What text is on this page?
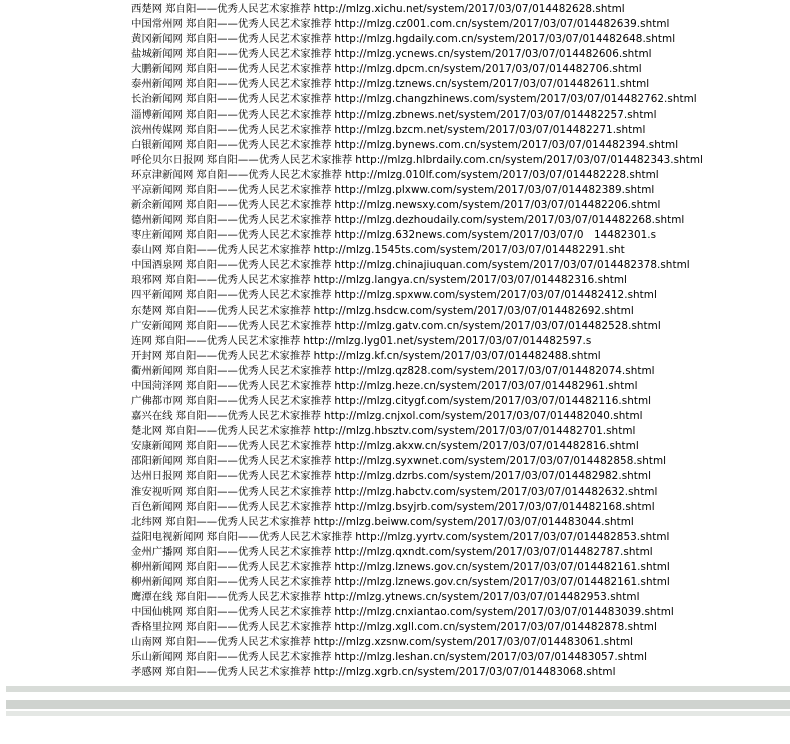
西楚网 郑自阳——优秀人民艺术家推荐 http://mlzg.xichu.net/system/2017/03/07/014482628.shtml
中国常州网 郑自阳——优秀人民艺术家推荐 http://mlzg.cz001.com.cn/system/2017/03/07/014482639.shtml
黄冈新闻网 郑自阳——优秀人民艺术家推荐 http://mlzg.hgdaily.com.cn/system/2017/03/07/014482648.shtml
盐城新闻网 郑自阳——优秀人民艺术家推荐 http://mlzg.ycnews.cn/system/2017/03/07/014482606.shtml
大鹏新闻网 郑自阳——优秀人民艺术家推荐 http://mlzg.dpcm.cn/system/2017/03/07/014482706.shtml
泰州新闻网 郑自阳——优秀人民艺术家推荐 http://mlzg.tznews.cn/system/2017/03/07/014482611.shtml
长治新闻网 郑自阳——优秀人民艺术家推荐 http://mlzg.changzhinews.com/system/2017/03/07/014482762.shtml
淄博新闻网 郑自阳——优秀人民艺术家推荐 http://mlzg.zbnews.net/system/2017/03/07/014482257.shtml
滨州传媒网 郑自阳——优秀人民艺术家推荐 http://mlzg.bzcm.net/system/2017/03/07/014482271.shtml
白银新闻网 郑自阳——优秀人民艺术家推荐 http://mlzg.bynews.com.cn/system/2017/03/07/014482394.shtml
呼伦贝尔日报网 郑自阳——优秀人民艺术家推荐 http://mlzg.hlbrdaily.com.cn/system/2017/03/07/014482343.shtml
环京津新闻网 郑自阳——优秀人民艺术家推荐 http://mlzg.010lf.com/system/2017/03/07/014482228.shtml
平凉新闻网 郑自阳——优秀人民艺术家推荐 http://mlzg.plxww.com/system/2017/03/07/014482389.shtml
新余新闻网 郑自阳——优秀人民艺术家推荐 http://mlzg.newsxy.com/system/2017/03/07/014482206.shtml
德州新闻网 郑自阳——优秀人民艺术家推荐 http://mlzg.dezhoudaily.com/system/2017/03/07/014482268.shtml
枣庄新闻网 郑自阳——优秀人民艺术家推荐 http://mlzg.632news.com/system/2017/03/07/0　14482301.s
泰山网 郑自阳——优秀人民艺术家推荐 http://mlzg.1545ts.com/system/2017/03/07/014482291.sht
中国酒泉网 郑自阳——优秀人民艺术家推荐 http://mlzg.chinajiuquan.com/system/2017/03/07/014482378.shtml
琅邪网 郑自阳——优秀人民艺术家推荐 http://mlzg.langya.cn/system/2017/03/07/014482316.shtml
四平新闻网 郑自阳——优秀人民艺术家推荐 http://mlzg.spxww.com/system/2017/03/07/014482412.shtml
东楚网 郑自阳——优秀人民艺术家推荐 http://mlzg.hsdcw.com/system/2017/03/07/014482692.shtml
广安新闻网 郑自阳——优秀人民艺术家推荐 http://mlzg.gatv.com.cn/system/2017/03/07/014482528.shtml
连网 郑自阳——优秀人民艺术家推荐 http://mlzg.lyg01.net/system/2017/03/07/014482597.s
开封网 郑自阳——优秀人民艺术家推荐 http://mlzg.kf.cn/system/2017/03/07/014482488.shtml
衢州新闻网 郑自阳——优秀人民艺术家推荐 http://mlzg.qz828.com/system/2017/03/07/014482074.shtml
中国菏泽网 郑自阳——优秀人民艺术家推荐 http://mlzg.heze.cn/system/2017/03/07/014482961.shtml
广佛都市网 郑自阳——优秀人民艺术家推荐 http://mlzg.citygf.com/system/2017/03/07/014482116.shtml
嘉兴在线 郑自阳——优秀人民艺术家推荐 http://mlzg.cnjxol.com/system/2017/03/07/014482040.shtml
楚北网 郑自阳——优秀人民艺术家推荐 http://mlzg.hbsztv.com/system/2017/03/07/014482701.shtml
安康新闻网 郑自阳——优秀人民艺术家推荐 http://mlzg.akxw.cn/system/2017/03/07/014482816.shtml
邵阳新闻网 郑自阳——优秀人民艺术家推荐 http://mlzg.syxwnet.com/system/2017/03/07/014482858.shtml
达州日报网 郑自阳——优秀人民艺术家推荐 http://mlzg.dzrbs.com/system/2017/03/07/014482982.shtml
淮安视听网 郑自阳——优秀人民艺术家推荐 http://mlzg.habctv.com/system/2017/03/07/014482632.shtml
百色新闻网 郑自阳——优秀人民艺术家推荐 http://mlzg.bsyjrb.com/system/2017/03/07/014482168.shtml
北纬网 郑自阳——优秀人民艺术家推荐 http://mlzg.beiww.com/system/2017/03/07/014483044.shtml
益阳电视新闻网 郑自阳——优秀人民艺术家推荐 http://mlzg.yyrtv.com/system/2017/03/07/014482853.shtml
金州广播网 郑自阳——优秀人民艺术家推荐 http://mlzg.qxndt.com/system/2017/03/07/014482787.shtml
柳州新闻网 郑自阳——优秀人民艺术家推荐 http://mlzg.lznews.gov.cn/system/2017/03/07/014482161.shtml
柳州新闻网 郑自阳——优秀人民艺术家推荐 http://mlzg.lznews.gov.cn/system/2017/03/07/014482161.shtml
鹰潭在线 郑自阳——优秀人民艺术家推荐 http://mlzg.ytnews.cn/system/2017/03/07/014482953.shtml
中国仙桃网 郑自阳——优秀人民艺术家推荐 http://mlzg.cnxiantao.com/system/2017/03/07/014483039.shtml
香格里拉网 郑自阳——优秀人民艺术家推荐 http://mlzg.xgll.com.cn/system/2017/03/07/014482878.shtml
山南网 郑自阳——优秀人民艺术家推荐 http://mlzg.xzsnw.com/system/2017/03/07/014483061.shtml
乐山新闻网 郑自阳——优秀人民艺术家推荐 http://mlzg.leshan.cn/system/2017/03/07/014483057.shtml
孝感网 郑自阳——优秀人民艺术家推荐 http://mlzg.xgrb.cn/system/2017/03/07/014483068.shtml
